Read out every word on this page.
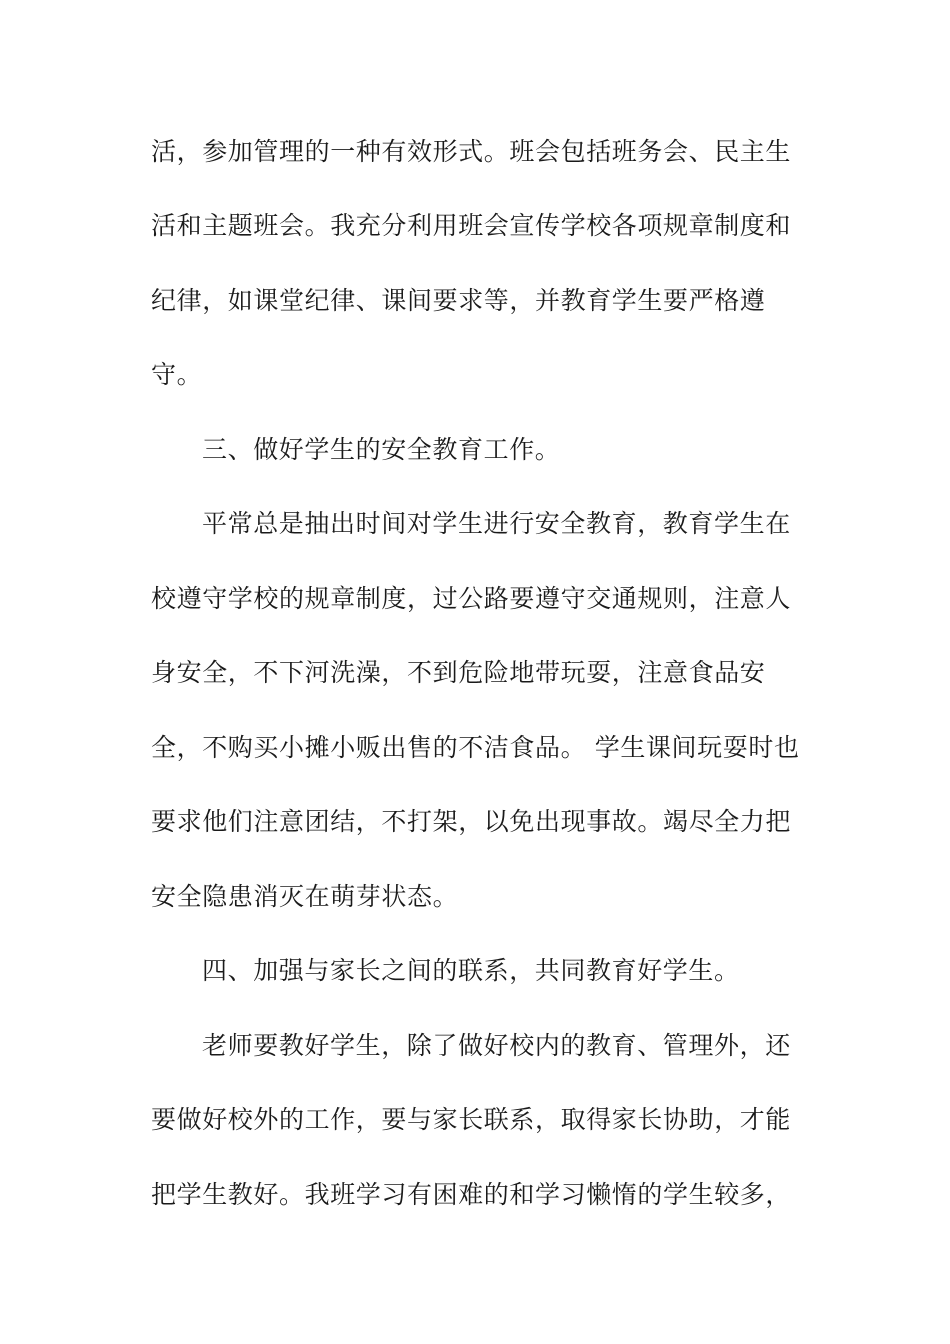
活，参加管理的一种有效形式。班会包括班务会、民主生
活和主题班会。我充分利用班会宣传学校各项规章制度和
纪律，如课堂纪律、课间要求等，并教育学生要严格遵
守。
三、做好学生的安全教育工作。
平常总是抽出时间对学生进行安全教育，教育学生在
校遵守学校的规章制度，过公路要遵守交通规则，注意人
身安全，不下河洗澡，不到危险地带玩耍，注意食品安
全，不购买小摊小贩出售的不洁食品。 学生课间玩耍时也
要求他们注意团结，不打架，以免出现事故。竭尽全力把
安全隐患消灭在萌芽状态。
四、加强与家长之间的联系，共同教育好学生。
老师要教好学生，除了做好校内的教育、管理外，还
要做好校外的工作，要与家长联系，取得家长协助，才能
把学生教好。我班学习有困难的和学习懒惰的学生较多，
